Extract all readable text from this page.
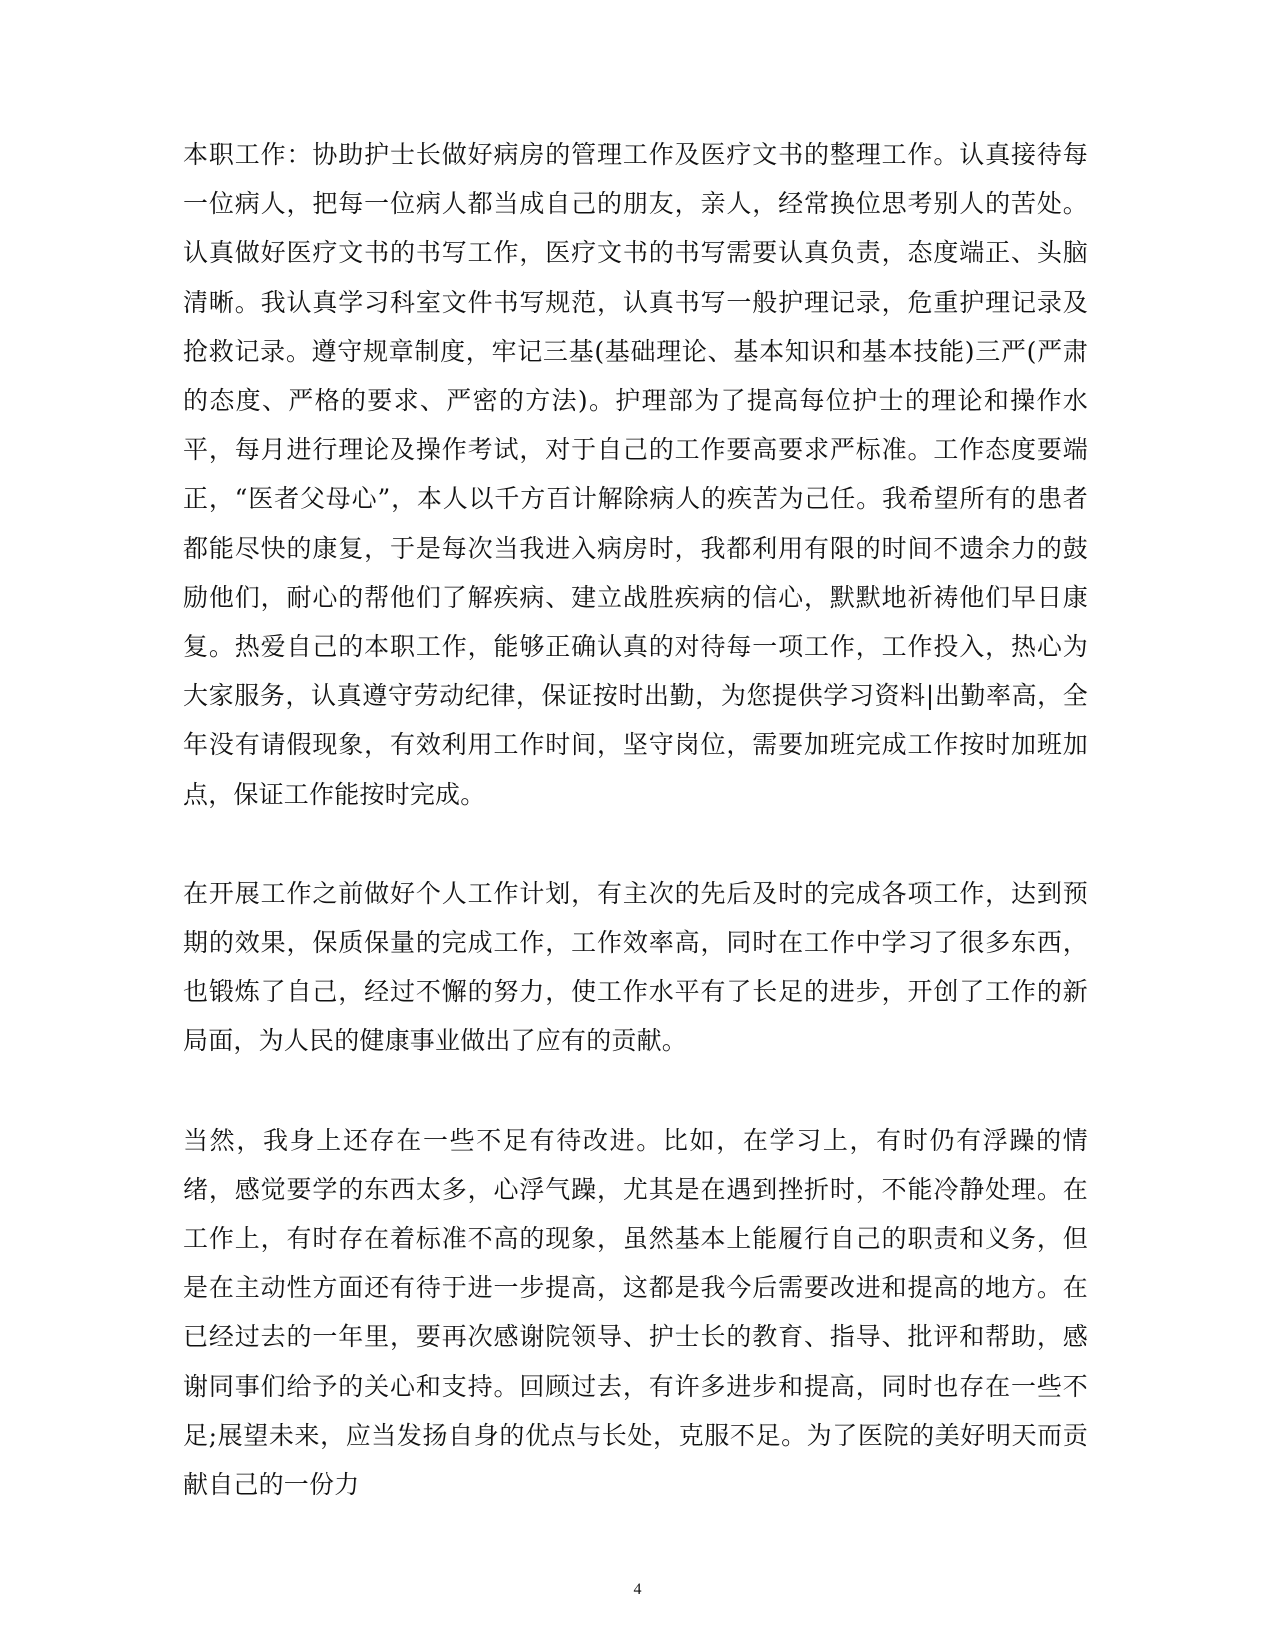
本职工作：协助护士长做好病房的管理工作及医疗文书的整理工作。认真接待每一位病人，把每一位病人都当成自己的朋友，亲人，经常换位思考别人的苦处。认真做好医疗文书的书写工作，医疗文书的书写需要认真负责，态度端正、头脑清晰。我认真学习科室文件书写规范，认真书写一般护理记录，危重护理记录及抢救记录。遵守规章制度，牢记三基(基础理论、基本知识和基本技能)三严(严肃的态度、严格的要求、严密的方法)。护理部为了提高每位护士的理论和操作水平，每月进行理论及操作考试，对于自己的工作要高要求严标准。工作态度要端正，“医者父母心”，本人以千方百计解除病人的疾苦为己任。我希望所有的患者都能尽快的康复，于是每次当我进入病房时，我都利用有限的时间不遗余力的鼓励他们，耐心的帮他们了解疾病、建立战胜疾病的信心，默默地祈祷他们早日康复。热爱自己的本职工作，能够正确认真的对待每一项工作，工作投入，热心为大家服务，认真遵守劳动纪律，保证按时出勤，为您提供学习资料|出勤率高，全年没有请假现象，有效利用工作时间，坚守岗位，需要加班完成工作按时加班加点，保证工作能按时完成。

在开展工作之前做好个人工作计划，有主次的先后及时的完成各项工作，达到预期的效果，保质保量的完成工作，工作效率高，同时在工作中学习了很多东西，也锻炼了自己，经过不懈的努力，使工作水平有了长足的进步，开创了工作的新局面，为人民的健康事业做出了应有的贡献。

当然，我身上还存在一些不足有待改进。比如，在学习上，有时仍有浮躁的情绪，感觉要学的东西太多，心浮气躁，尤其是在遇到挫折时，不能冷静处理。在工作上，有时存在着标准不高的现象，虽然基本上能履行自己的职责和义务，但是在主动性方面还有待于进一步提高，这都是我今后需要改进和提高的地方。在已经过去的一年里，要再次感谢院领导、护士长的教育、指导、批评和帮助，感谢同事们给予的关心和支持。回顾过去，有许多进步和提高，同时也存在一些不足;展望未来，应当发扬自身的优点与长处，克服不足。为了医院的美好明天而贡献自己的一份力

4
